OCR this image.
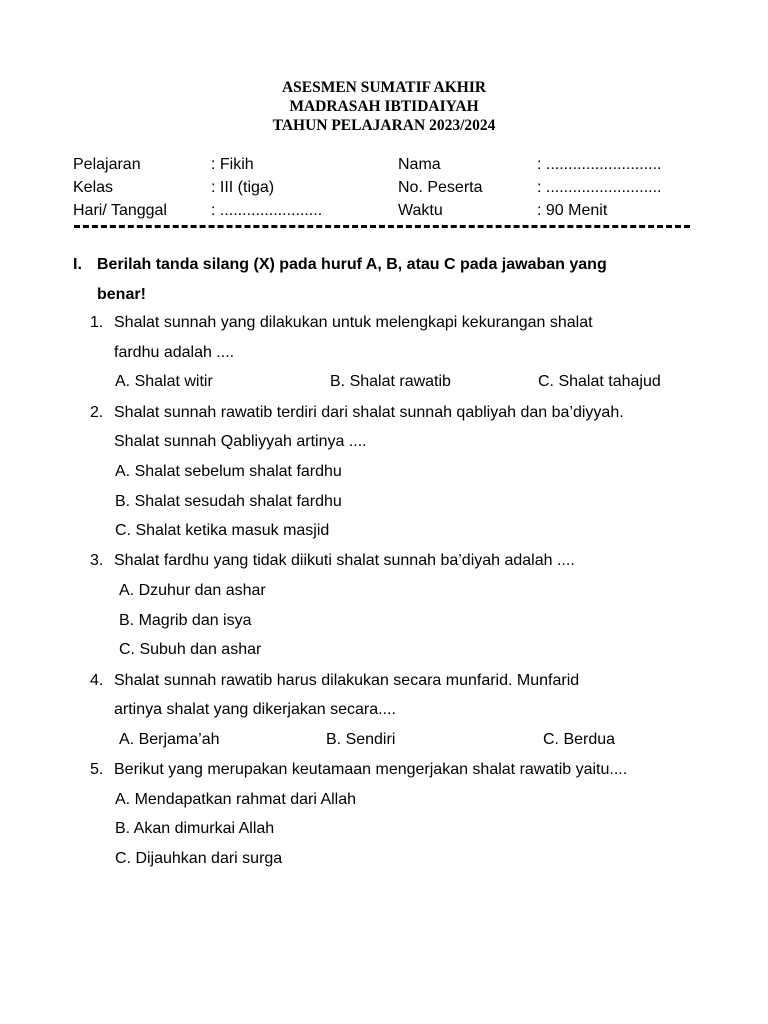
ASESMEN SUMATIF AKHIR
MADRASAH IBTIDAIYAH
TAHUN PELAJARAN 2023/2024
Pelajaran	: Fikih	Nama	: ..........................
Kelas	: III (tiga)	No. Peserta	: ..........................
Hari/ Tanggal	: .......................	Waktu	: 90 Menit
I. Berilah tanda silang (X) pada huruf A, B, atau C pada jawaban yang
benar!
1. Shalat sunnah yang dilakukan untuk melengkapi kekurangan shalat
fardhu adalah ....
A. Shalat witir	B. Shalat rawatib	C. Shalat tahajud
2. Shalat sunnah rawatib terdiri dari shalat sunnah qabliyah dan ba’diyyah.
Shalat sunnah Qabliyyah artinya ....
A. Shalat sebelum shalat fardhu
B. Shalat sesudah shalat fardhu
C. Shalat ketika masuk masjid
3. Shalat fardhu yang tidak diikuti shalat sunnah ba’diyah adalah ....
A. Dzuhur dan ashar
B. Magrib dan isya
C. Subuh dan ashar
4. Shalat sunnah rawatib harus dilakukan secara munfarid. Munfarid
artinya shalat yang dikerjakan secara....
A. Berjama’ah	B. Sendiri	C. Berdua
5. Berikut yang merupakan keutamaan mengerjakan shalat rawatib yaitu....
A. Mendapatkan rahmat dari Allah
B. Akan dimurkai Allah
C. Dijauhkan dari surga
